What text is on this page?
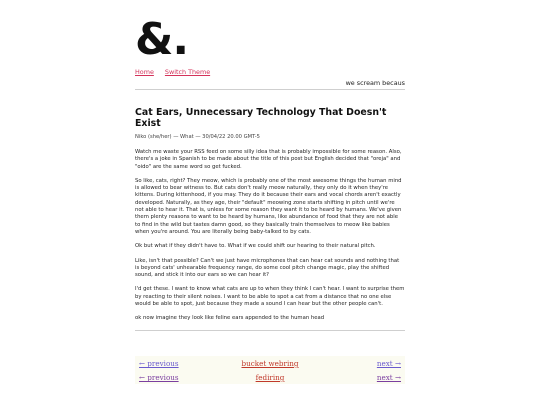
&.
Home Switch Theme
we scream becaus
Cat Ears, Unnecessary Technology That Doesn't Exist
Niko (she/her) — What — 30/04/22 20.00 GMT-5

Watch me waste your RSS feed on some silly idea that is probably impossible for some reason. Also, there's a joke in Spanish to be made about the title of this post but English decided that "oreja" and "oido" are the same word so get fucked.

So like, cats, right? They meow, which is probably one of the most awesome things the human mind is allowed to bear witness to. But cats don't really meow naturally, they only do it when they're kittens. During kittenhood, if you may. They do it because their ears and vocal chords aren't exactly developed. Naturally, as they age, their "default" meowing zone starts shifting in pitch until we're not able to hear it. That is, unless for some reason they want it to be heard by humans. We've given them plenty reasons to want to be heard by humans, like abundance of food that they are not able to find in the wild but tastes damn good, so they basically train themselves to meow like babies when you're around. You are literally being baby-talked to by cats.

Ok but what if they didn't have to. What if we could shift our hearing to their natural pitch.

Like, isn't that possible? Can't we just have microphones that can hear cat sounds and nothing that is beyond cats' unhearable frequency range, do some cool pitch change magic, play the shifted sound, and stick it into our ears so we can hear it?

I'd get these. I want to know what cats are up to when they think I can't hear. I want to surprise them by reacting to their silent noises. I want to be able to spot a cat from a distance that no one else would be able to spot, just because they made a sound I can hear but the other people can't.

ok now imagine they look like feline ears appended to the human head

← previous	bucket webring	next →
← previous	fediring	next →
